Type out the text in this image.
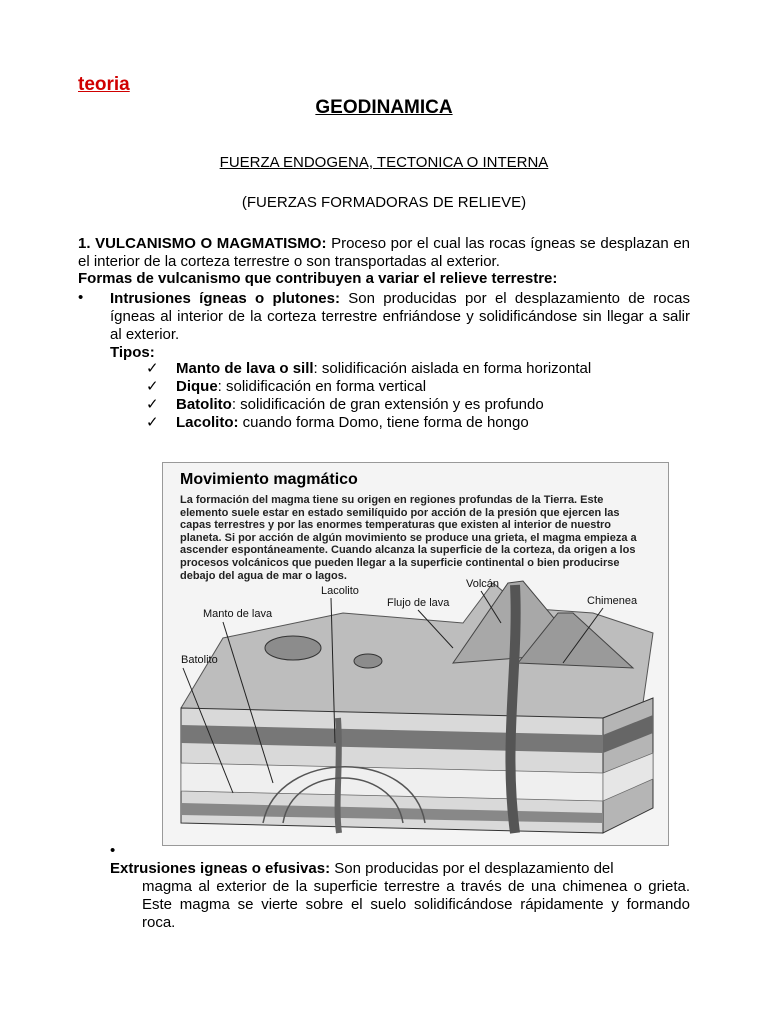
teoria
GEODINAMICA
FUERZA ENDOGENA, TECTONICA O INTERNA
(FUERZAS FORMADORAS DE RELIEVE)
1. VULCANISMO O MAGMATISMO: Proceso por el cual las rocas ígneas se desplazan en el interior de la corteza terrestre o son transportadas al exterior.
Formas de vulcanismo que contribuyen a variar el relieve terrestre:
• Intrusiones ígneas o plutones: Son producidas por el desplazamiento de rocas ígneas al interior de la corteza terrestre enfriándose y solidificándose sin llegar a salir al exterior.
Tipos:
✓ Manto de lava o sill: solidificación aislada en forma horizontal
✓ Dique: solidificación en forma vertical
✓ Batolito: solidificación de gran extensión y es profundo
✓ Lacolito: cuando forma Domo, tiene forma de hongo
Movimiento magmático
La formación del magma tiene su origen en regiones profundas de la Tierra. Este elemento suele estar en estado semilíquido por acción de la presión que ejercen las capas terrestres y por las enormes temperaturas que existen al interior de nuestro planeta. Si por acción de algún movimiento se produce una grieta, el magma empieza a ascender espontáneamente. Cuando alcanza la superficie de la corteza, da origen a los procesos volcánicos que pueden llegar a la superficie continental o bien producirse debajo del agua de mar o lagos.
Lacolito
Volcán
Flujo de lava	Chimenea
Manto de lava
Batolito
•
Extrusiones igneas o efusivas: Son producidas por el desplazamiento del
magma al exterior de la superficie terrestre a través de una chimenea o grieta. Este magma se vierte sobre el suelo solidificándose rápidamente y formando roca.
